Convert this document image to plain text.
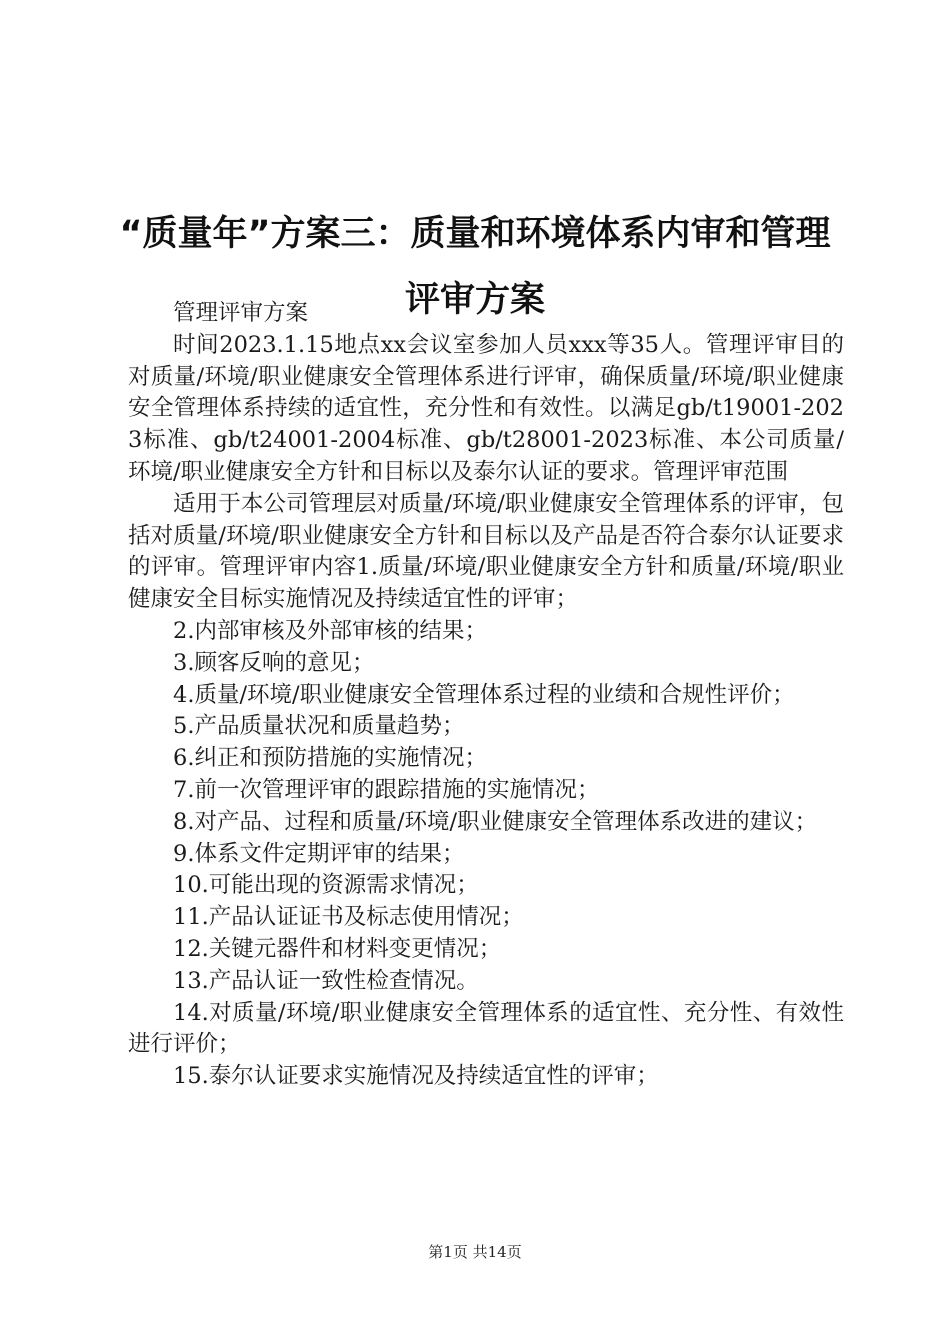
“质量年”方案三：质量和环境体系内审和管理评审方案

管理评审方案

时间2023.1.15地点xx会议室参加人员xxx等35人。管理评审目的对质量/环境/职业健康安全管理体系进行评审，确保质量/环境/职业健康安全管理体系持续的适宜性，充分性和有效性。以满足gb/t19001-2023标准、gb/t24001-2004标准、gb/t28001-2023标准、本公司质量/环境/职业健康安全方针和目标以及泰尔认证的要求。管理评审范围

适用于本公司管理层对质量/环境/职业健康安全管理体系的评审，包括对质量/环境/职业健康安全方针和目标以及产品是否符合泰尔认证要求的评审。管理评审内容1.质量/环境/职业健康安全方针和质量/环境/职业健康安全目标实施情况及持续适宜性的评审；

2.内部审核及外部审核的结果；

3.顾客反响的意见；

4.质量/环境/职业健康安全管理体系过程的业绩和合规性评价；

5.产品质量状况和质量趋势；

6.纠正和预防措施的实施情况；

7.前一次管理评审的跟踪措施的实施情况；

8.对产品、过程和质量/环境/职业健康安全管理体系改进的建议；

9.体系文件定期评审的结果；

10.可能出现的资源需求情况；

11.产品认证证书及标志使用情况；

12.关键元器件和材料变更情况；

13.产品认证一致性检查情况。

14.对质量/环境/职业健康安全管理体系的适宜性、充分性、有效性进行评价；

15.泰尔认证要求实施情况及持续适宜性的评审；

第1页 共14页
